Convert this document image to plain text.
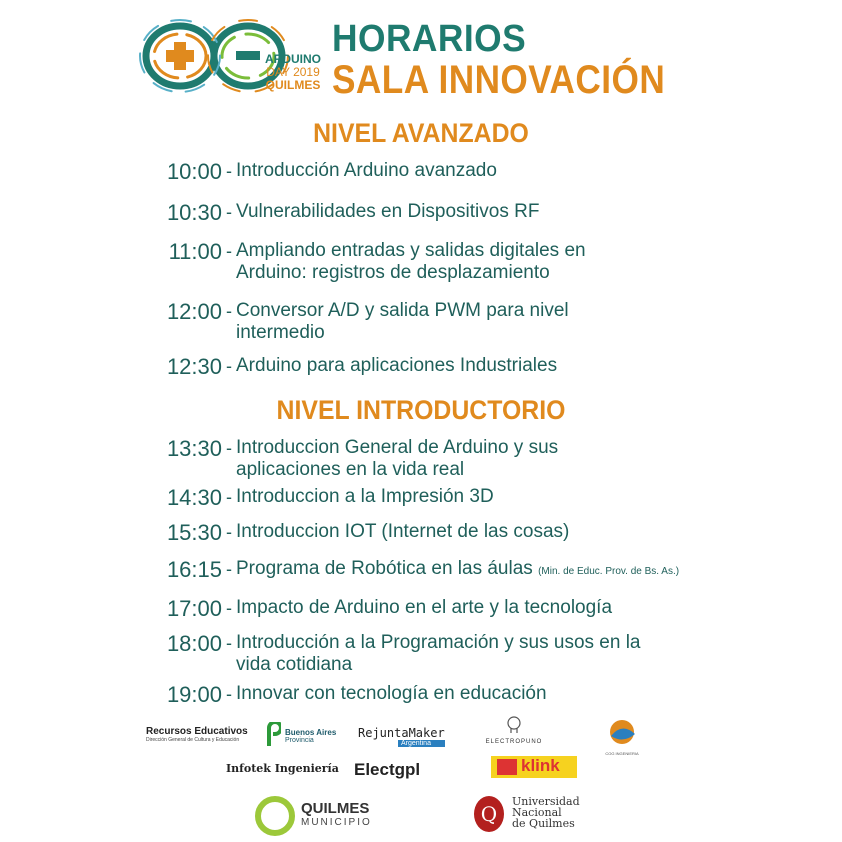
ARDUINO
DAY 2019
QUILMES
HORARIOS
SALA INNOVACIÓN
NIVEL AVANZADO
10:00 - Introducción Arduino avanzado
10:30 - Vulnerabilidades en Dispositivos RF
11:00 - Ampliando entradas y salidas digitales en Arduino: registros de desplazamiento
12:00 - Conversor A/D y salida PWM para nivel intermedio
12:30 - Arduino para aplicaciones Industriales
NIVEL INTRODUCTORIO
13:30 - Introduccion General de Arduino y sus aplicaciones en la vida real
14:30 - Introduccion a la Impresión 3D
15:30 - Introduccion IOT (Internet de las cosas)
16:15 - Programa de Robótica en las áulas (Min. de Educ. Prov. de Bs. As.)
17:00 - Impacto de Arduino en el arte y la tecnología
18:00 - Introducción a la Programación y sus usos en la vida cotidiana
19:00 - Innovar con tecnología en educación
Recursos Educativos
Dirección General de Cultura y Educación
Buenos Aires
Provincia
RejuntaMaker
Argentina	ELECTROPUNO
COG INGENIERIA
Infotek Ingeniería Electgpl	klink
QUILMES
MUNICIPIO	Q
Universidad
Nacional
de Quilmes
